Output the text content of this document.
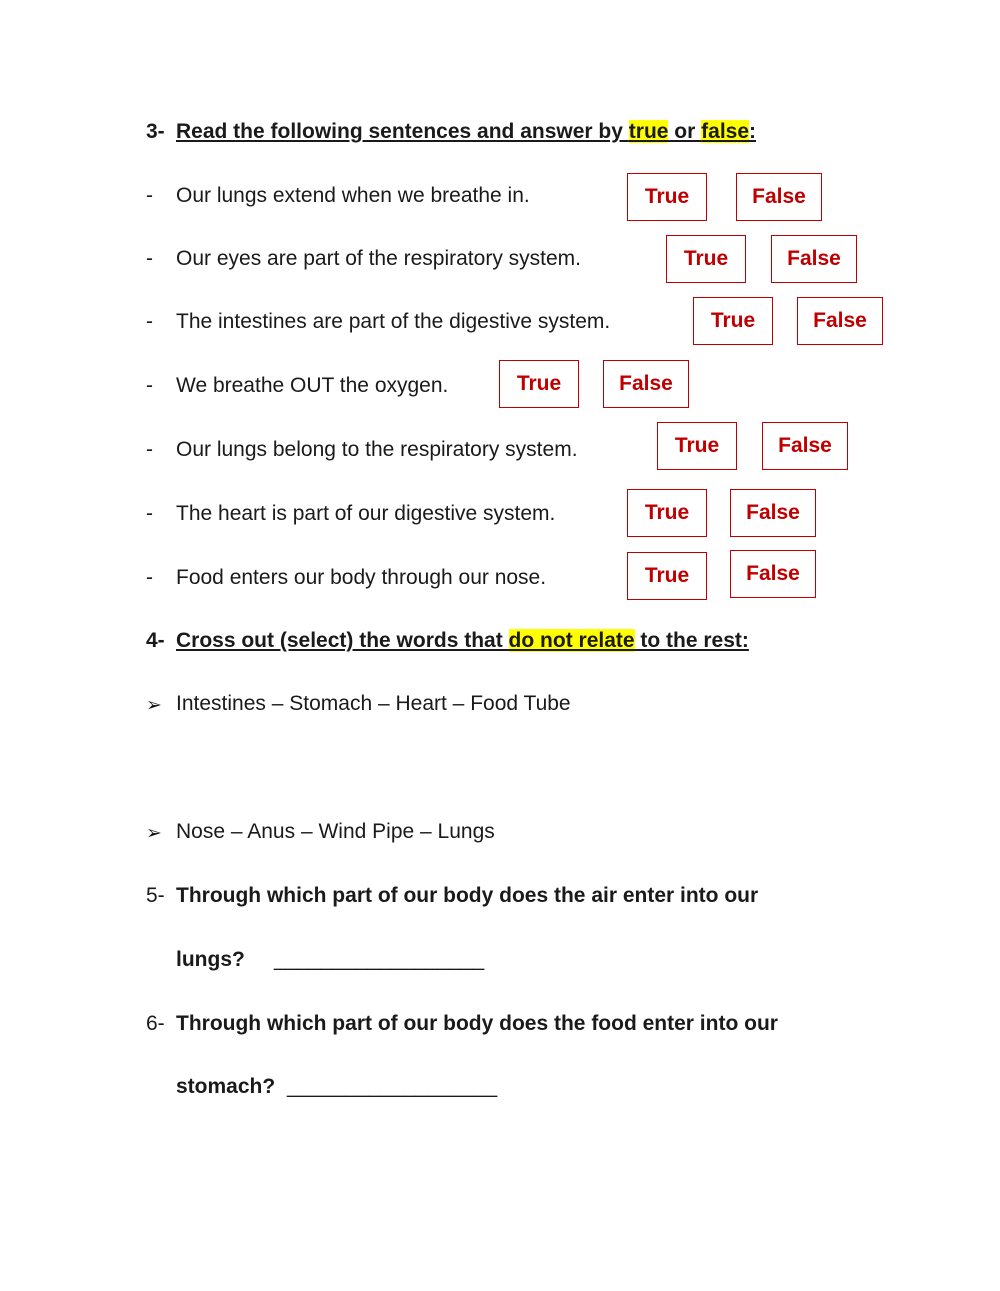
3- Read the following sentences and answer by true or false:
- Our lungs extend when we breathe in.	True	False
- Our eyes are part of the respiratory system.	True	False
- The intestines are part of the digestive system.	True	False
- We breathe OUT the oxygen.	True	False
- Our lungs belong to the respiratory system.	True	False
- The heart is part of our digestive system.	True	False
- Food enters our body through our nose.	True	False
4- Cross out (select) the words that do not relate to the rest:
➢ Intestines – Stomach – Heart – Food Tube
➢ Nose – Anus – Wind Pipe – Lungs
5- Through which part of our body does the air enter into our
lungs? __________________
6- Through which part of our body does the food enter into our
stomach? __________________
